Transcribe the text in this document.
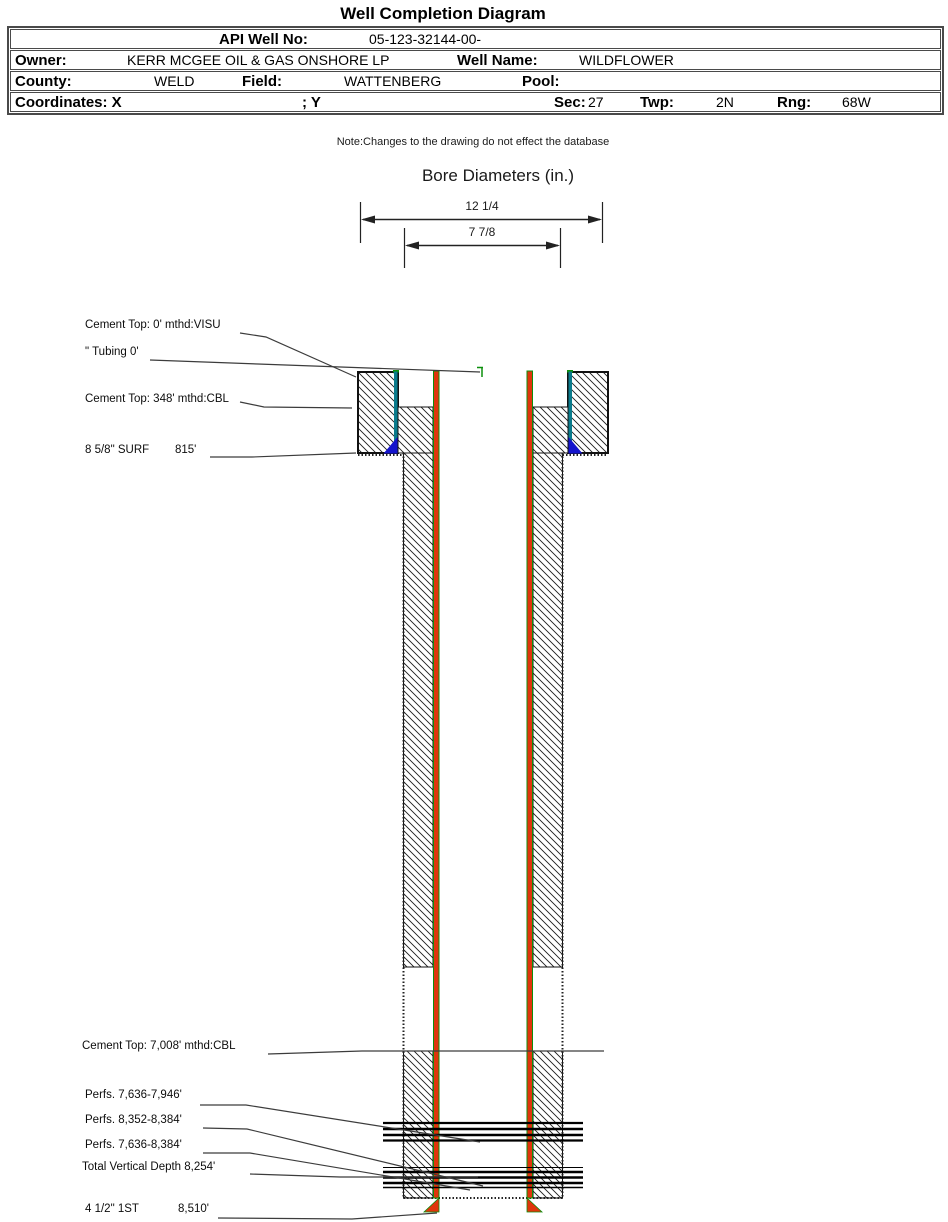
Well Completion Diagram
API Well No:	05-123-32144-00-
Owner:	KERR MCGEE OIL & GAS ONSHORE LP	Well Name:	WILDFLOWER
County:	WELD	Field:	WATTENBERG	Pool:
Coordinates: X	; Y	Sec: 27 Twp:	2N	Rng: 68W
Note:Changes to the drawing do not effect the database
Bore Diameters (in.)
12 1/4
7 7/8
Cement Top: 0' mthd:VISU
" Tubing 0'
Cement Top: 348' mthd:CBL
8 5/8" SURF 815'
Cement Top: 7,008' mthd:CBL
Perfs. 7,636-7,946'
Perfs. 8,352-8,384'
Perfs. 7,636-8,384'
Total Vertical Depth 8,254'
4 1/2" 1ST	8,510'
